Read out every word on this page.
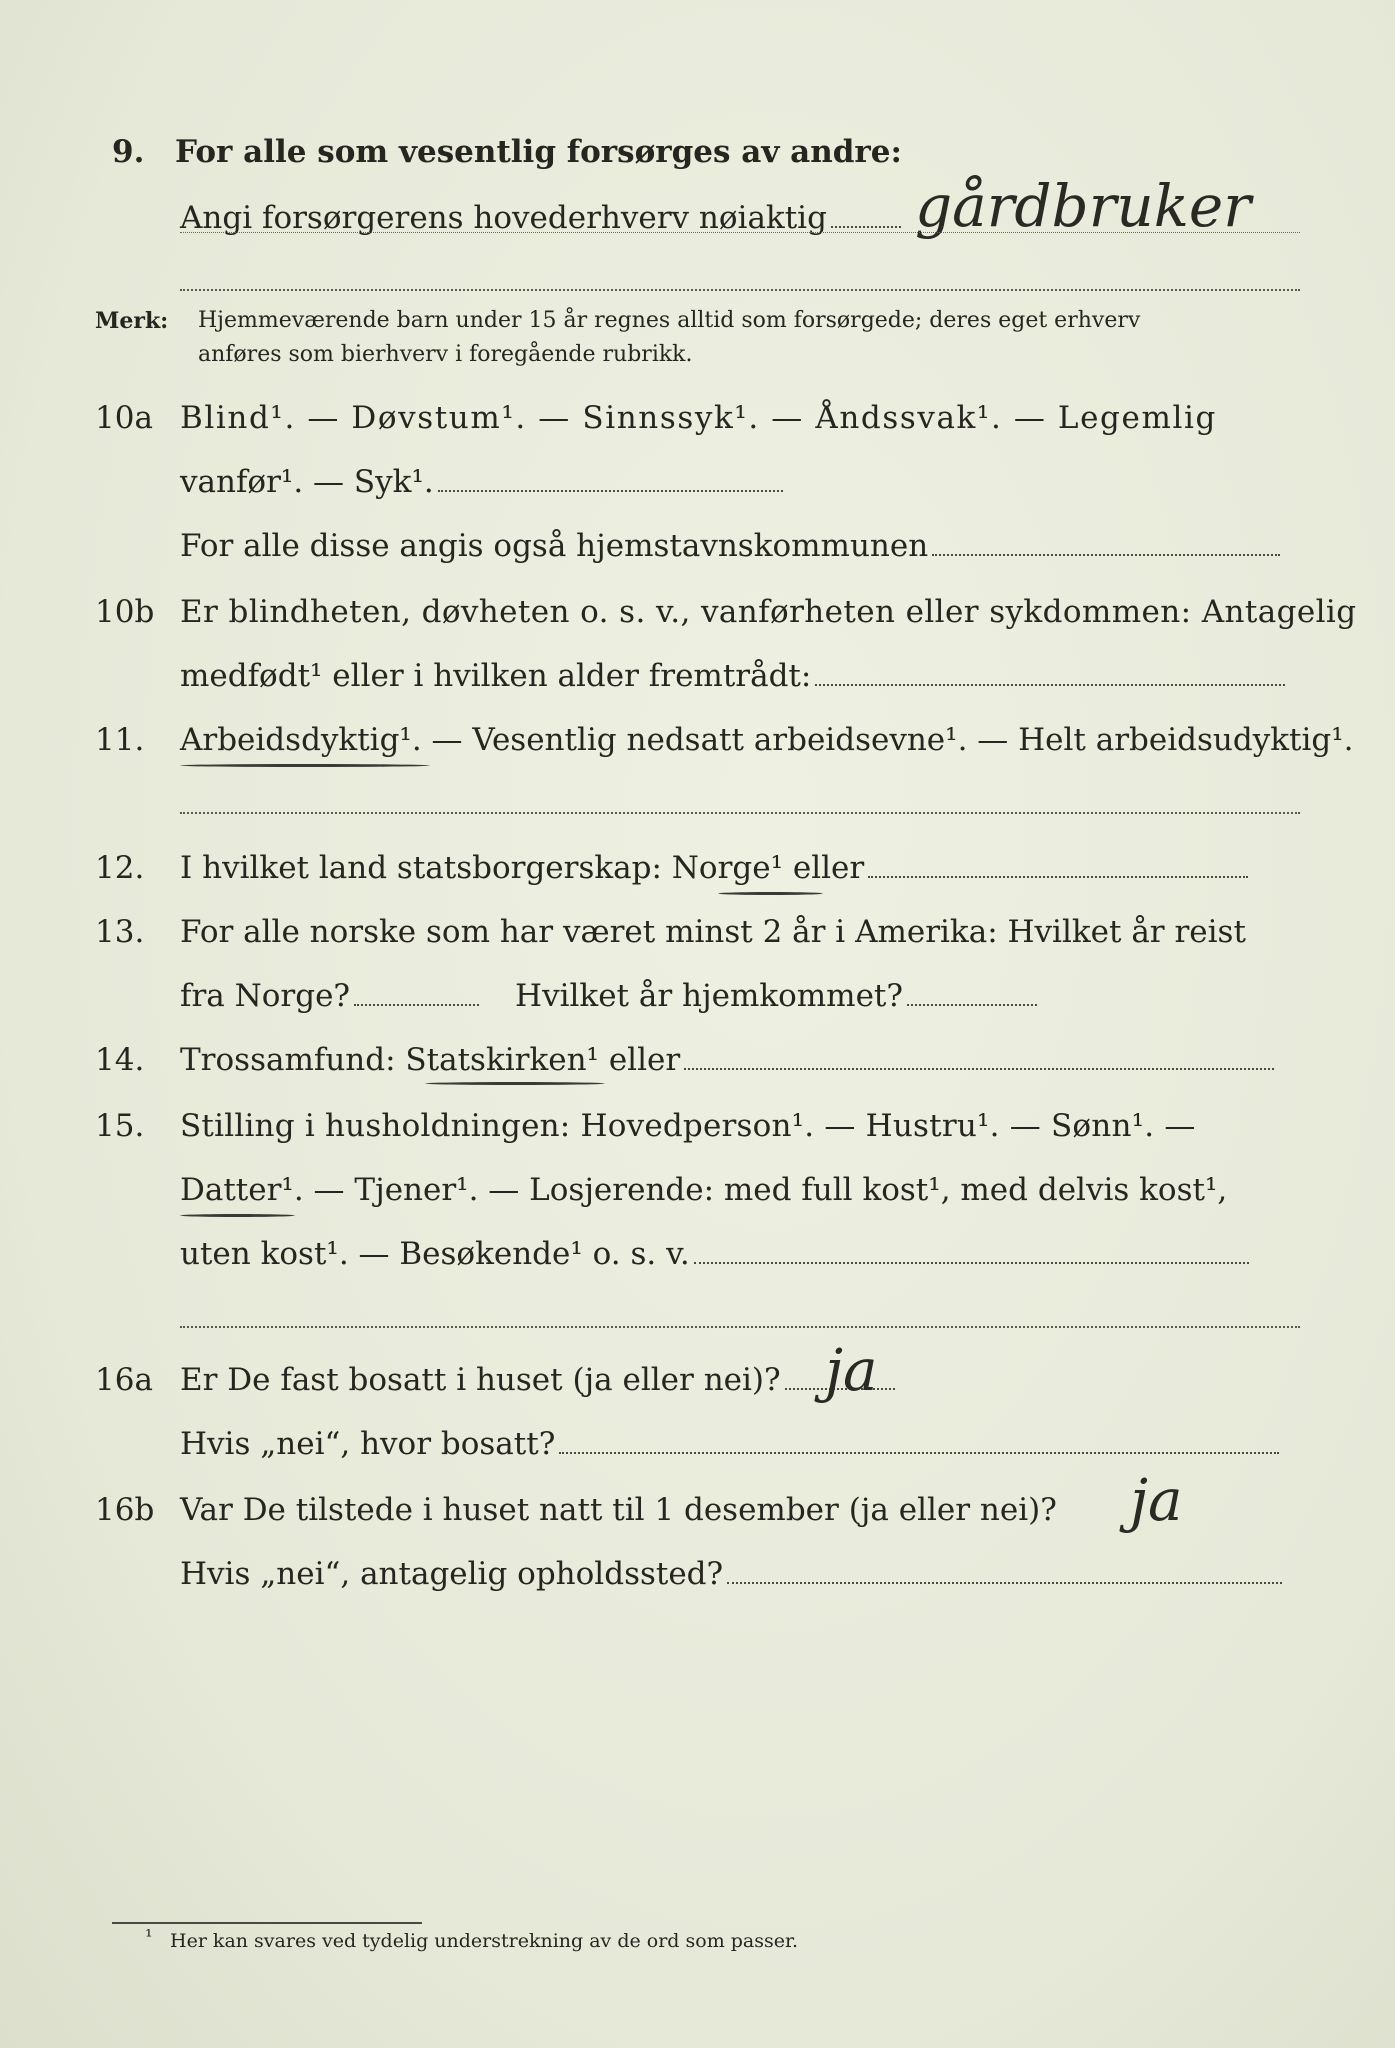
9. For alle som vesentlig forsørges av andre:
Angi forsørgerens hovederhverv nøiaktig	gårdbruker
Merk: Hjemmeværende barn under 15 år regnes alltid som forsørgede; deres eget erhverv
anføres som bierhverv i foregående rubrikk.
10a Blind¹. — Døvstum¹. — Sinnssyk¹. — Åndssvak¹. — Legemlig
vanfør¹. — Syk¹.
For alle disse angis også hjemstavnskommunen
10b Er blindheten, døvheten o. s. v., vanførheten eller sykdommen: Antagelig
medfødt¹ eller i hvilken alder fremtrådt:
11. Arbeidsdyktig¹. — Vesentlig nedsatt arbeidsevne¹. — Helt arbeidsudyktig¹.
12. I hvilket land statsborgerskap: Norge¹ eller
13. For alle norske som har været minst 2 år i Amerika: Hvilket år reist
fra Norge?	Hvilket år hjemkommet?
14. Trossamfund: Statskirken¹ eller
15. Stilling i husholdningen: Hovedperson¹. — Hustru¹. — Sønn¹. —
Datter¹. — Tjener¹. — Losjerende: med full kost¹, med delvis kost¹,
uten kost¹. — Besøkende¹ o. s. v.
16a Er De fast bosatt i huset (ja eller nei)? ja
Hvis „nei“, hvor bosatt?
16b Var De tilstede i huset natt til 1 desember (ja eller nei)? ja
Hvis „nei“, antagelig opholdssted?
¹ Her kan svares ved tydelig understrekning av de ord som passer.
